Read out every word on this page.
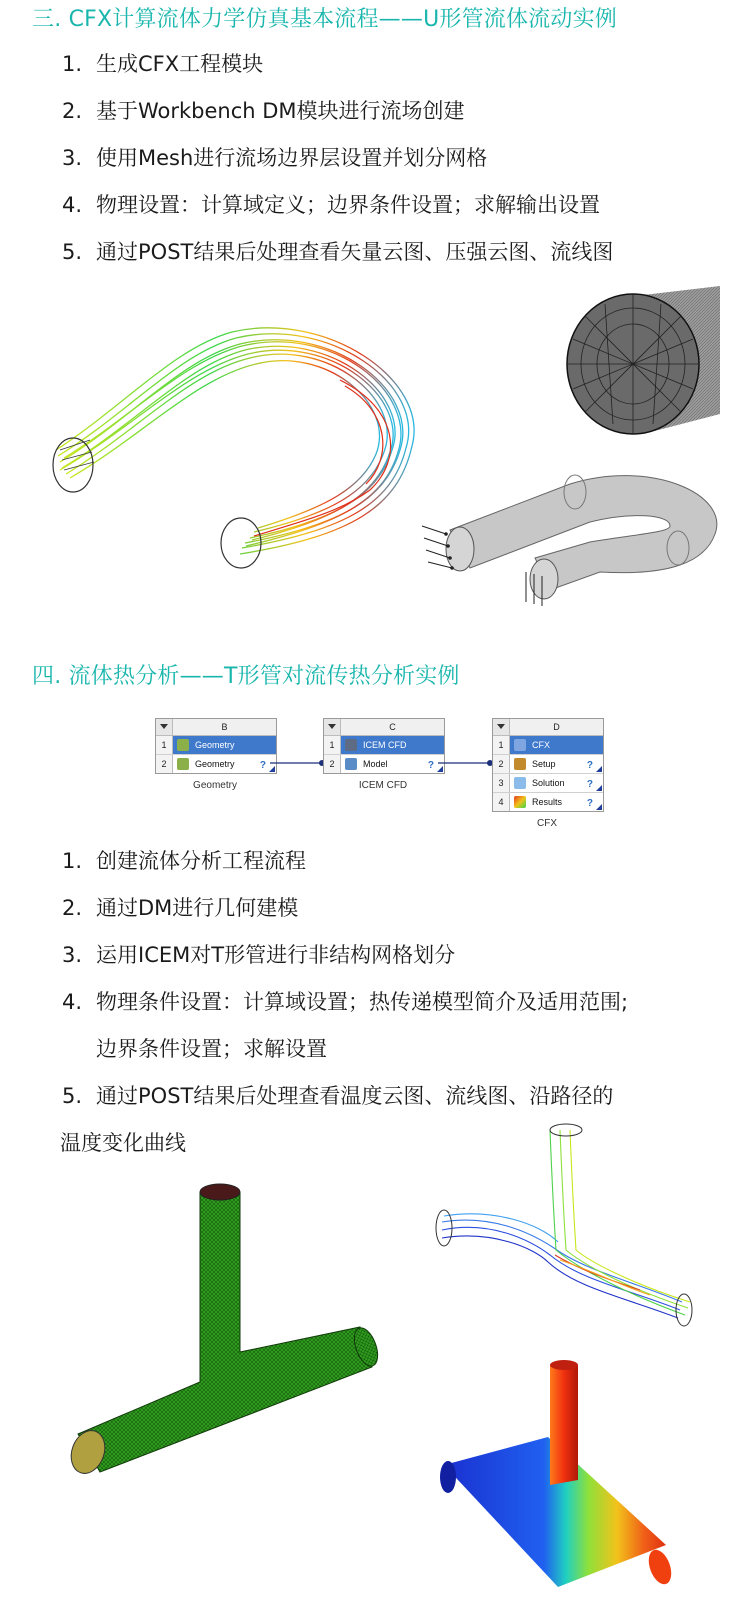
三. CFX计算流体力学仿真基本流程——U形管流体流动实例
1. 生成CFX工程模块
2. 基于Workbench DM模块进行流场创建
3. 使用Mesh进行流场边界层设置并划分网格
4. 物理设置：计算域定义；边界条件设置；求解输出设置
5. 通过POST结果后处理查看矢量云图、压强云图、流线图
四. 流体热分析——T形管对流传热分析实例
B
1	Geometry
2	Geometry	?
Geometry
C
1	ICEM CFD
2	Model	?
ICEM CFD
D
1	CFX
2	Setup	?
3	Solution ?
4	Results ?
CFX
1. 创建流体分析工程流程
2. 通过DM进行几何建模
3. 运用ICEM对T形管进行非结构网格划分
4. 物理条件设置：计算域设置；热传递模型简介及适用范围;
边界条件设置；求解设置
5. 通过POST结果后处理查看温度云图、流线图、沿路径的
温度变化曲线
